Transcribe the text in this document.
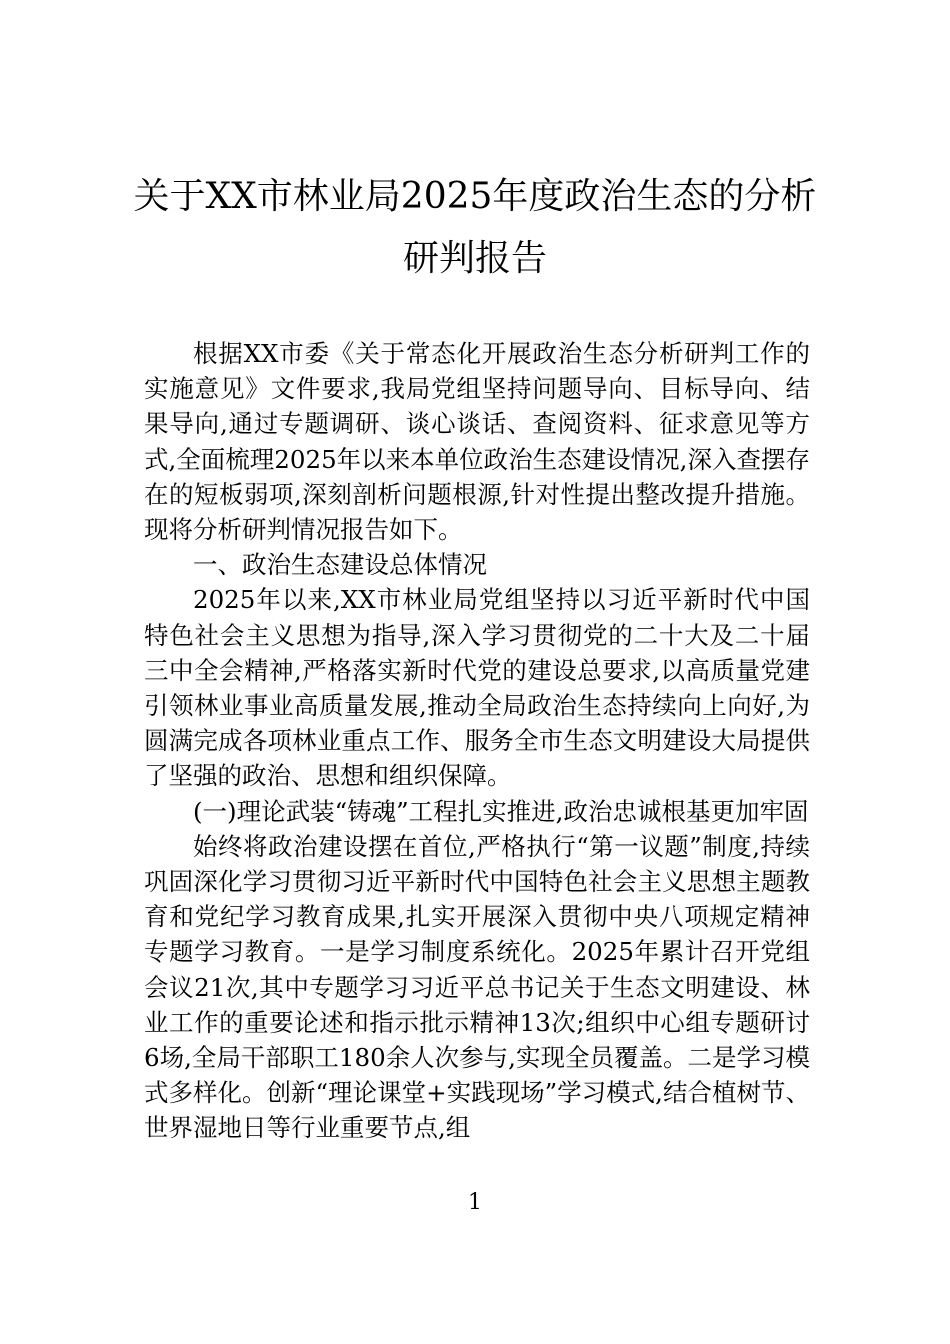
关于XX市林业局2025年度政治生态的分析研判报告

根据XX市委《关于常态化开展政治生态分析研判工作的实施意见》文件要求,我局党组坚持问题导向、目标导向、结果导向,通过专题调研、谈心谈话、查阅资料、征求意见等方式,全面梳理2025年以来本单位政治生态建设情况,深入查摆存在的短板弱项,深刻剖析问题根源,针对性提出整改提升措施。现将分析研判情况报告如下。

一、政治生态建设总体情况

2025年以来,XX市林业局党组坚持以习近平新时代中国特色社会主义思想为指导,深入学习贯彻党的二十大及二十届三中全会精神,严格落实新时代党的建设总要求,以高质量党建引领林业事业高质量发展,推动全局政治生态持续向上向好,为圆满完成各项林业重点工作、服务全市生态文明建设大局提供了坚强的政治、思想和组织保障。

(一)理论武装“铸魂”工程扎实推进,政治忠诚根基更加牢固

始终将政治建设摆在首位,严格执行“第一议题”制度,持续巩固深化学习贯彻习近平新时代中国特色社会主义思想主题教育和党纪学习教育成果,扎实开展深入贯彻中央八项规定精神专题学习教育。一是学习制度系统化。2025年累计召开党组会议21次,其中专题学习习近平总书记关于生态文明建设、林业工作的重要论述和指示批示精神13次;组织中心组专题研讨6场,全局干部职工180余人次参与,实现全员覆盖。二是学习模式多样化。创新“理论课堂+实践现场”学习模式,结合植树节、世界湿地日等行业重要节点,组

1
